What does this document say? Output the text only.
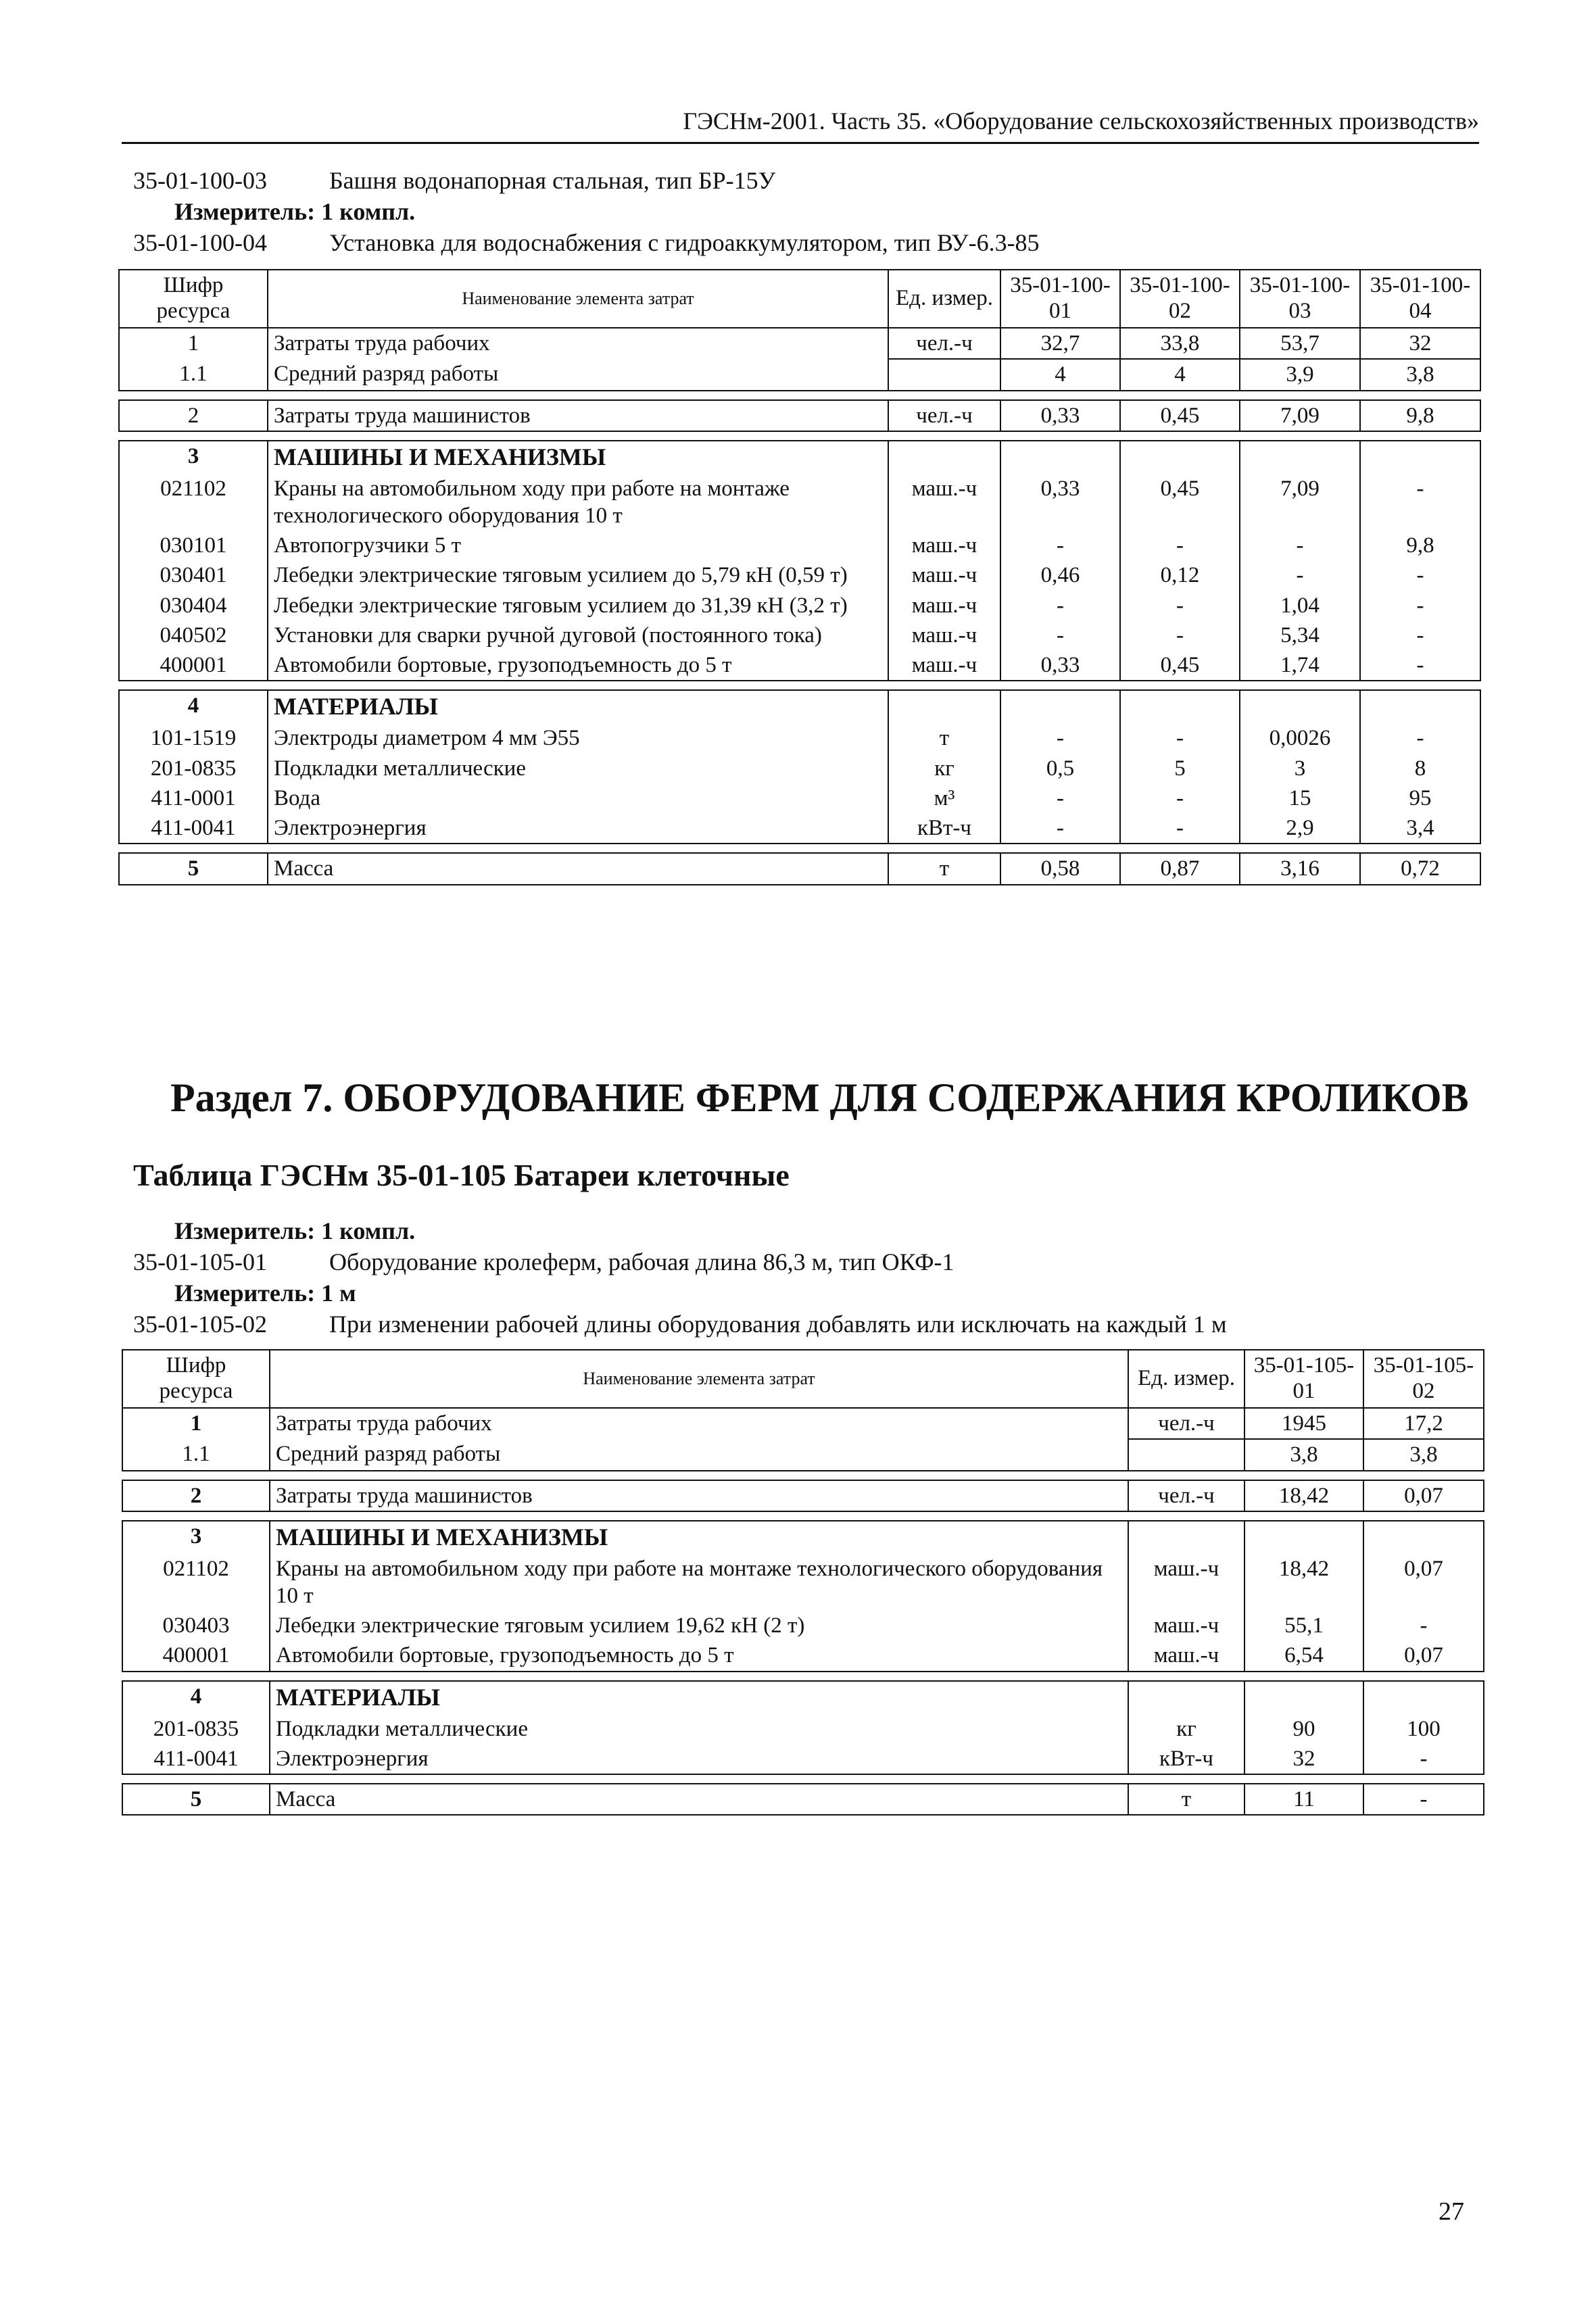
ГЭСНм-2001. Часть 35. «Оборудование сельскохозяйственных производств»
35-01-100-03	Башня водонапорная стальная, тип БР-15У
Измеритель: 1 компл.
35-01-100-04	Установка для водоснабжения с гидроаккумулятором, тип ВУ-6.3-85
Шифр ресурса	Наименование элемента затрат	Ед. измер.	35-01-100-01	35-01-100-02	35-01-100-03	35-01-100-04
1	Затраты труда рабочих	чел.-ч	32,7	33,8	53,7	32
1.1	Средний разряд работы		4	4	3,9	3,8

2	Затраты труда машинистов	чел.-ч	0,33	0,45	7,09	9,8

3	МАШИНЫ И МЕХАНИЗМЫ					
021102	Краны на автомобильном ходу при работе на монтаже технологического оборудования 10 т	маш.-ч	0,33	0,45	7,09	-
030101	Автопогрузчики 5 т	маш.-ч	-	-	-	9,8
030401	Лебедки электрические тяговым усилием до 5,79 кН (0,59 т)	маш.-ч	0,46	0,12	-	-
030404	Лебедки электрические тяговым усилием до 31,39 кН (3,2 т)	маш.-ч	-	-	1,04	-
040502	Установки для сварки ручной дуговой (постоянного тока)	маш.-ч	-	-	5,34	-
400001	Автомобили бортовые, грузоподъемность до 5 т	маш.-ч	0,33	0,45	1,74	-

4	МАТЕРИАЛЫ					
101-1519	Электроды диаметром 4 мм Э55	т	-	-	0,0026	-
201-0835	Подкладки металлические	кг	0,5	5	3	8
411-0001	Вода	м³	-	-	15	95
411-0041	Электроэнергия	кВт-ч	-	-	2,9	3,4

5	Масса	т	0,58	0,87	3,16	0,72
Раздел 7. ОБОРУДОВАНИЕ ФЕРМ ДЛЯ СОДЕРЖАНИЯ КРОЛИКОВ
Таблица ГЭСНм 35-01-105 Батареи клеточные
Измеритель: 1 компл.
35-01-105-01	Оборудование кролеферм, рабочая длина 86,3 м, тип ОКФ-1
Измеритель: 1 м
35-01-105-02	При изменении рабочей длины оборудования добавлять или исключать на каждый 1 м
Шифр ресурса	Наименование элемента затрат	Ед. измер.	35-01-105-01	35-01-105-02
1	Затраты труда рабочих	чел.-ч	1945	17,2
1.1	Средний разряд работы		3,8	3,8

2	Затраты труда машинистов	чел.-ч	18,42	0,07

3	МАШИНЫ И МЕХАНИЗМЫ			
021102	Краны на автомобильном ходу при работе на монтаже технологического оборудования 10 т	маш.-ч	18,42	0,07
030403	Лебедки электрические тяговым усилием 19,62 кН (2 т)	маш.-ч	55,1	-
400001	Автомобили бортовые, грузоподъемность до 5 т	маш.-ч	6,54	0,07

4	МАТЕРИАЛЫ			
201-0835	Подкладки металлические	кг	90	100
411-0041	Электроэнергия	кВт-ч	32	-

5	Масса	т	11	-
27
